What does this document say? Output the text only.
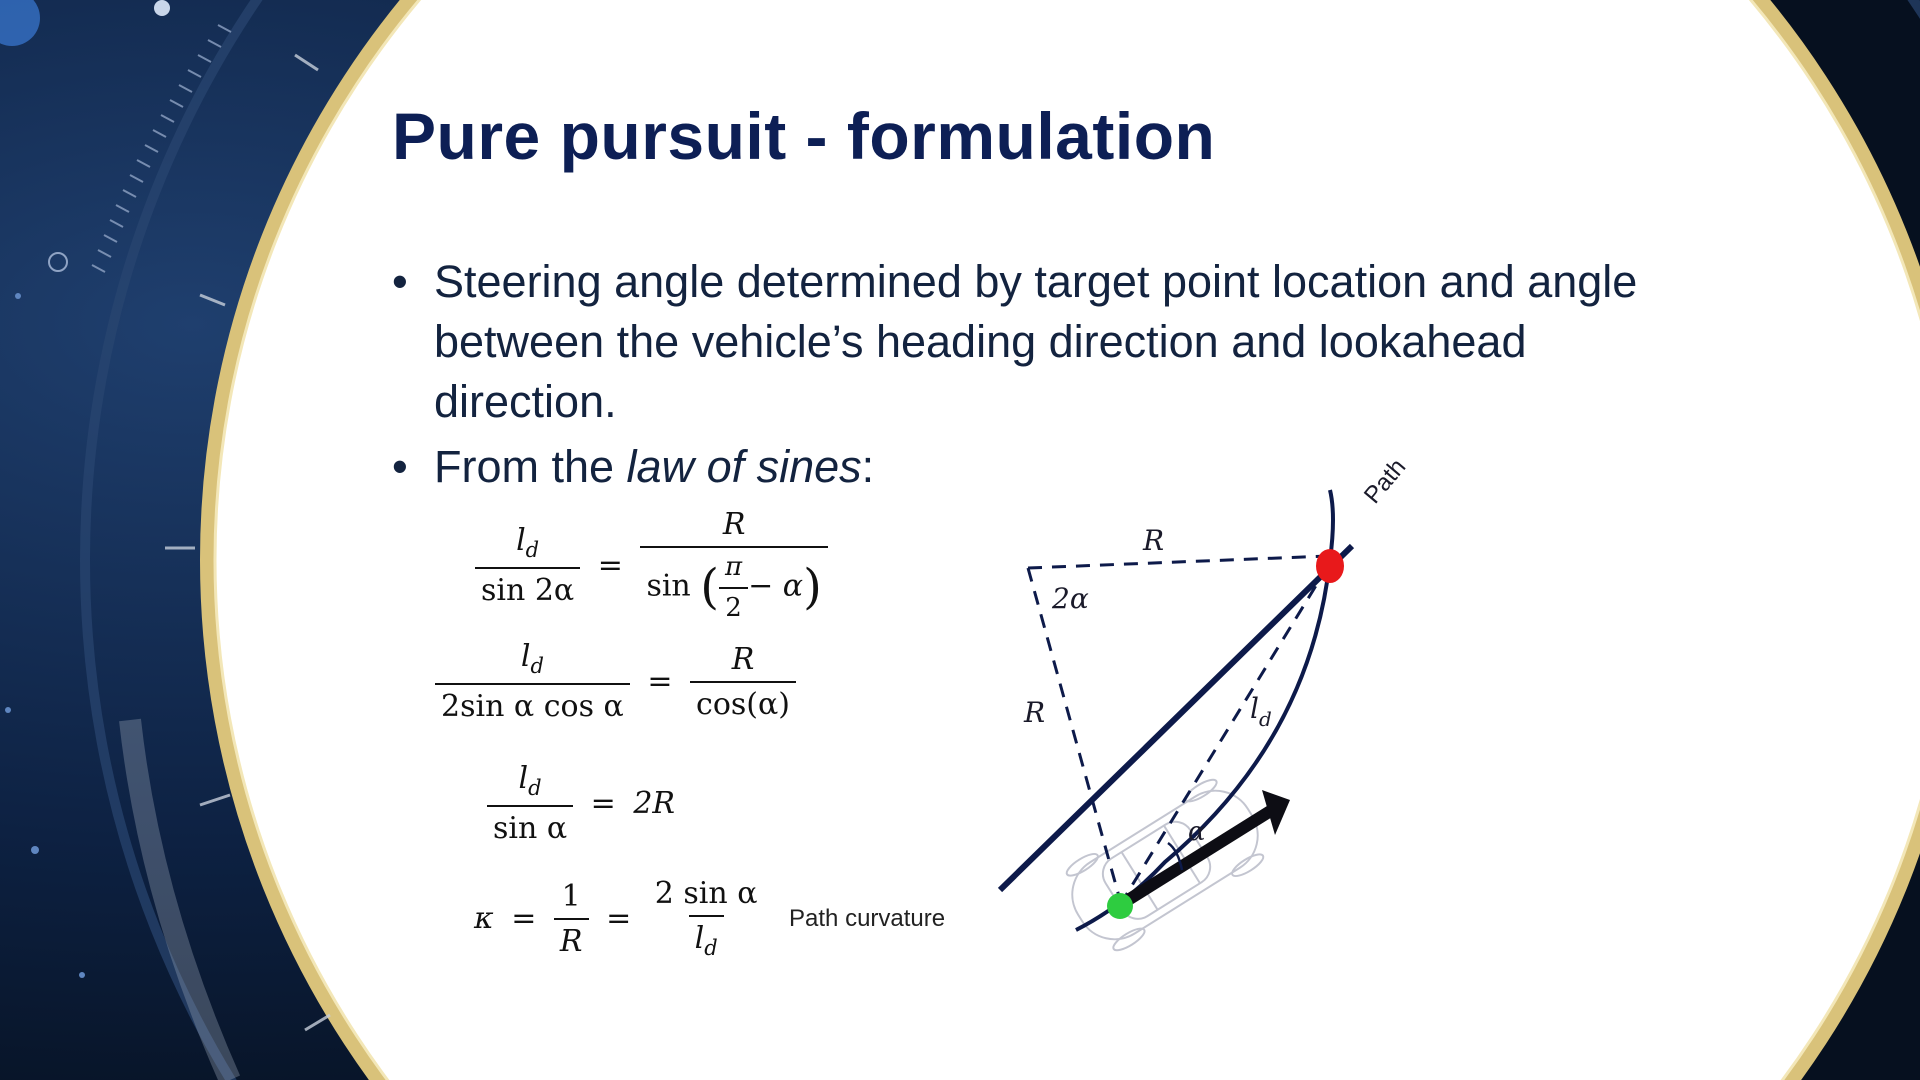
Pure pursuit - formulation
• Steering angle determined by target point location and angle
between the vehicle’s heading direction and lookahead
direction.
• From the law of sines:
$\frac{l_d}{\sin 2\alpha} = \frac{R}{\sin ( \frac{\pi}{2} - \alpha)}$
$\frac{l_d}{\text{2sin α cos α}} = \frac{R}{\cos(\alpha)}$
$\frac{l_d}{\text{sin α}} = 2R$
$\kappa = \frac{1}{R} = \frac{\text{2 sin α}}{l_d}$ Path curvature
Path
R
2α
R	$l_d$
α
